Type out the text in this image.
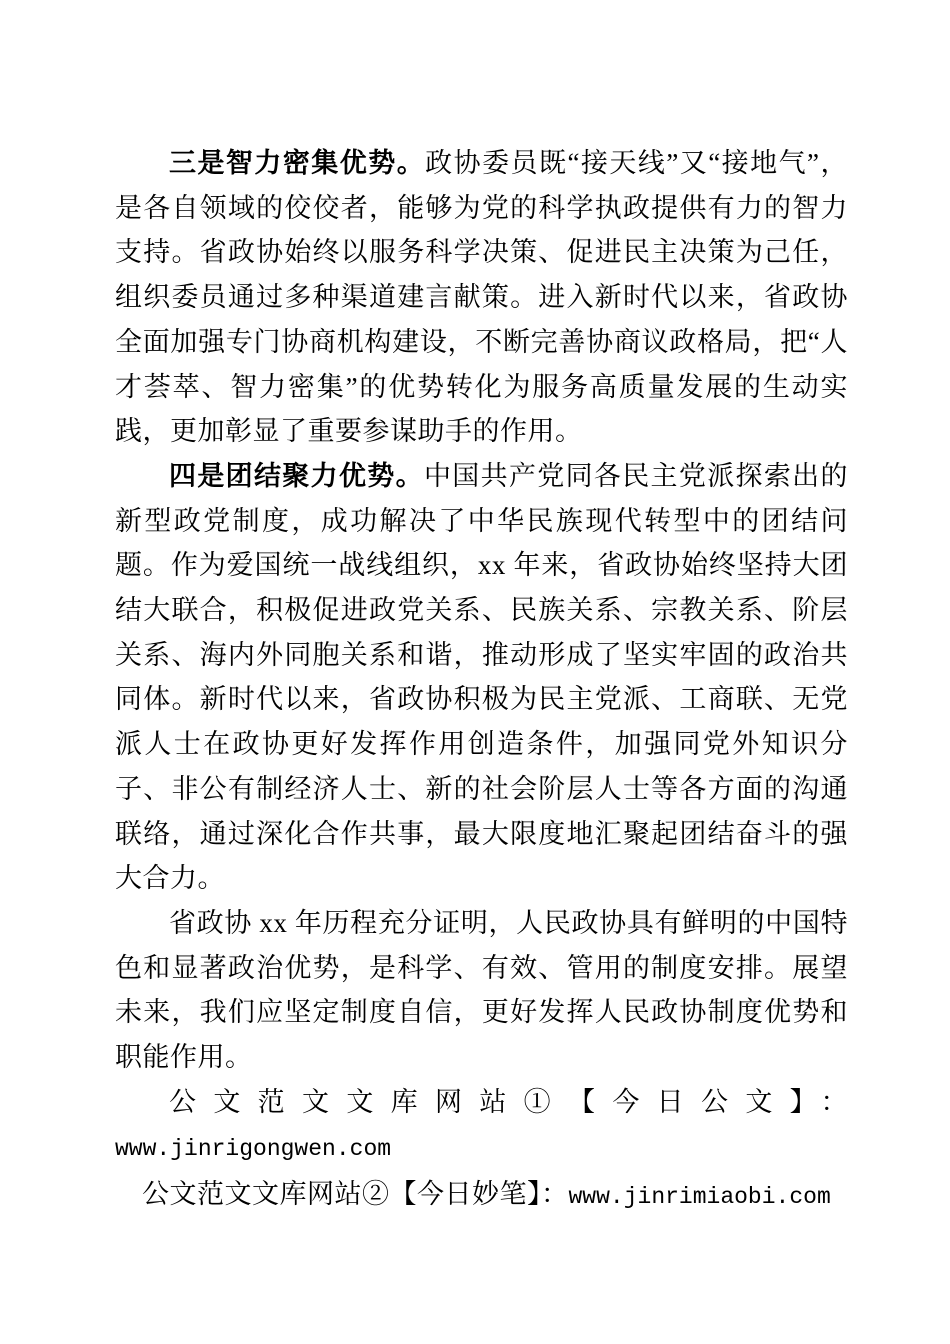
三是智力密集优势。政协委员既“接天线”又“接地气”，是各自领域的佼佼者，能够为党的科学执政提供有力的智力支持。省政协始终以服务科学决策、促进民主决策为己任，组织委员通过多种渠道建言献策。进入新时代以来，省政协全面加强专门协商机构建设，不断完善协商议政格局，把“人才荟萃、智力密集”的优势转化为服务高质量发展的生动实践，更加彰显了重要参谋助手的作用。

四是团结聚力优势。中国共产党同各民主党派探索出的新型政党制度，成功解决了中华民族现代转型中的团结问题。作为爱国统一战线组织，xx 年来，省政协始终坚持大团结大联合，积极促进政党关系、民族关系、宗教关系、阶层关系、海内外同胞关系和谐，推动形成了坚实牢固的政治共同体。新时代以来，省政协积极为民主党派、工商联、无党派人士在政协更好发挥作用创造条件，加强同党外知识分子、非公有制经济人士、新的社会阶层人士等各方面的沟通联络，通过深化合作共事，最大限度地汇聚起团结奋斗的强大合力。

省政协 xx 年历程充分证明，人民政协具有鲜明的中国特色和显著政治优势，是科学、有效、管用的制度安排。展望未来，我们应坚定制度自信，更好发挥人民政协制度优势和职能作用。

公文范文文库网站①【今日公文】：

www.jinrigongwen.com

公文范文文库网站②【今日妙笔】：www.jinrimiaobi.com
